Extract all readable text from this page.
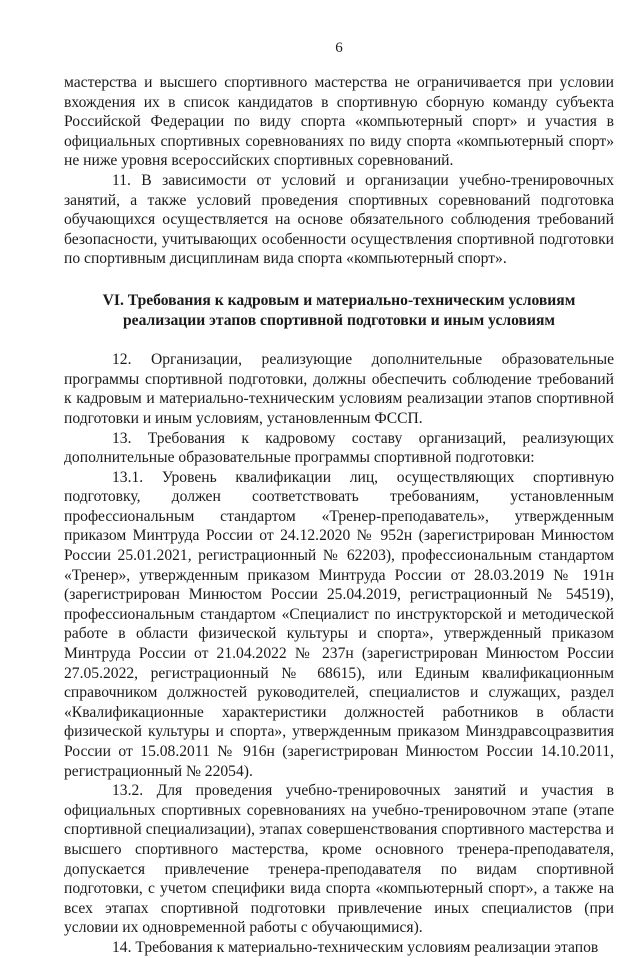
6

мастерства и высшего спортивного мастерства не ограничивается при условии вхождения их в список кандидатов в спортивную сборную команду субъекта Российской Федерации по виду спорта «компьютерный спорт» и участия в официальных спортивных соревнованиях по виду спорта «компьютерный спорт» не ниже уровня всероссийских спортивных соревнований.

11. В зависимости от условий и организации учебно-тренировочных занятий, а также условий проведения спортивных соревнований подготовка обучающихся осуществляется на основе обязательного соблюдения требований безопасности, учитывающих особенности осуществления спортивной подготовки по спортивным дисциплинам вида спорта «компьютерный спорт».

VI. Требования к кадровым и материально-техническим условиям реализации этапов спортивной подготовки и иным условиям

12. Организации, реализующие дополнительные образовательные программы спортивной подготовки, должны обеспечить соблюдение требований к кадровым и материально-техническим условиям реализации этапов спортивной подготовки и иным условиям, установленным ФССП.

13. Требования к кадровому составу организаций, реализующих дополнительные образовательные программы спортивной подготовки:

13.1. Уровень квалификации лиц, осуществляющих спортивную подготовку, должен соответствовать требованиям, установленным профессиональным стандартом «Тренер-преподаватель», утвержденным приказом Минтруда России от 24.12.2020 № 952н (зарегистрирован Минюстом России 25.01.2021, регистрационный № 62203), профессиональным стандартом «Тренер», утвержденным приказом Минтруда России от 28.03.2019 № 191н (зарегистрирован Минюстом России 25.04.2019, регистрационный № 54519), профессиональным стандартом «Специалист по инструкторской и методической работе в области физической культуры и спорта», утвержденный приказом Минтруда России от 21.04.2022 № 237н (зарегистрирован Минюстом России 27.05.2022, регистрационный № 68615), или Единым квалификационным справочником должностей руководителей, специалистов и служащих, раздел «Квалификационные характеристики должностей работников в области физической культуры и спорта», утвержденным приказом Минздравсоцразвития России от 15.08.2011 № 916н (зарегистрирован Минюстом России 14.10.2011, регистрационный № 22054).

13.2. Для проведения учебно-тренировочных занятий и участия в официальных спортивных соревнованиях на учебно-тренировочном этапе (этапе спортивной специализации), этапах совершенствования спортивного мастерства и высшего спортивного мастерства, кроме основного тренера-преподавателя, допускается привлечение тренера-преподавателя по видам спортивной подготовки, с учетом специфики вида спорта «компьютерный спорт», а также на всех этапах спортивной подготовки привлечение иных специалистов (при условии их одновременной работы с обучающимися).

14. Требования к материально-техническим условиям реализации этапов
